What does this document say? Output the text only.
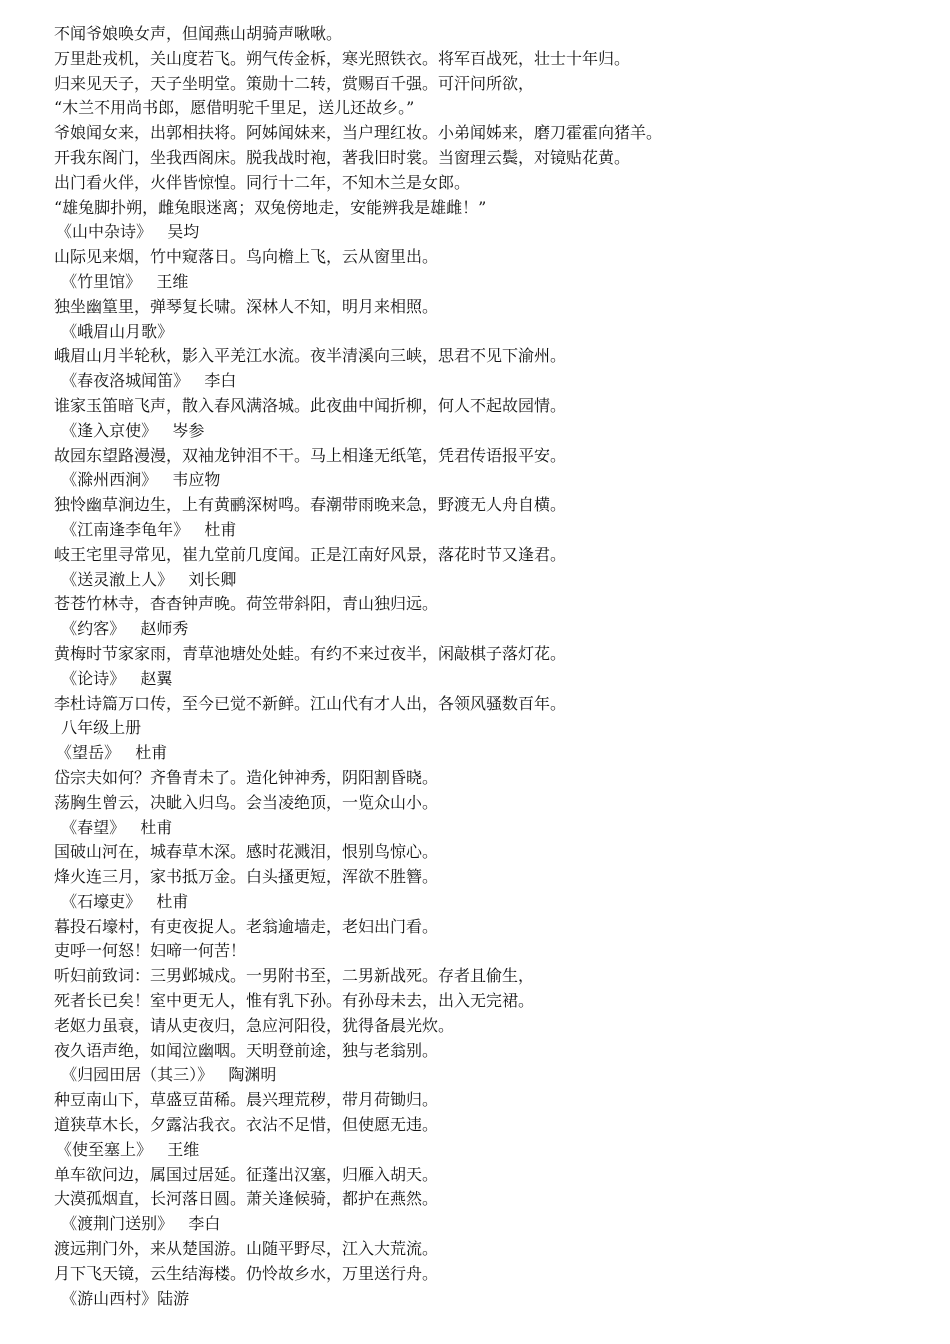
不闻爷娘唤女声，但闻燕山胡骑声啾啾。
万里赴戎机，关山度若飞。朔气传金柝，寒光照铁衣。将军百战死，壮士十年归。
归来见天子，天子坐明堂。策勋十二转，赏赐百千强。可汗问所欲，
“木兰不用尚书郎，愿借明驼千里足，送儿还故乡。”
爷娘闻女来，出郭相扶将。阿姊闻妹来，当户理红妆。小弟闻姊来，磨刀霍霍向猪羊。
开我东阁门，坐我西阁床。脱我战时袍，著我旧时裳。当窗理云鬓，对镜贴花黄。
出门看火伴，火伴皆惊惶。同行十二年，不知木兰是女郎。
“雄兔脚扑朔，雌兔眼迷离；双兔傍地走，安能辨我是雄雌！”
《山中杂诗》   吴均
山际见来烟，竹中窥落日。鸟向檐上飞，云从窗里出。
《竹里馆》   王维
独坐幽篁里，弹琴复长啸。深林人不知，明月来相照。
《峨眉山月歌》
峨眉山月半轮秋，影入平羌江水流。夜半清溪向三峡，思君不见下渝州。
《春夜洛城闻笛》   李白
谁家玉笛暗飞声，散入春风满洛城。此夜曲中闻折柳，何人不起故园情。
《逢入京使》   岑参
故园东望路漫漫，双袖龙钟泪不干。马上相逢无纸笔，凭君传语报平安。
《滁州西涧》   韦应物
独怜幽草涧边生，上有黄鹂深树鸣。春潮带雨晚来急，野渡无人舟自横。
《江南逢李龟年》   杜甫
岐王宅里寻常见，崔九堂前几度闻。正是江南好风景，落花时节又逢君。
《送灵澈上人》   刘长卿
苍苍竹林寺，杳杳钟声晚。荷笠带斜阳，青山独归远。
《约客》   赵师秀
黄梅时节家家雨，青草池塘处处蛙。有约不来过夜半，闲敲棋子落灯花。
《论诗》   赵翼
李杜诗篇万口传，至今已觉不新鲜。江山代有才人出，各领风骚数百年。
八年级上册
《望岳》   杜甫
岱宗夫如何？齐鲁青未了。造化钟神秀，阴阳割昏晓。
荡胸生曾云，决眦入归鸟。会当凌绝顶，一览众山小。
《春望》   杜甫
国破山河在，城春草木深。感时花溅泪，恨别鸟惊心。
烽火连三月，家书抵万金。白头搔更短，浑欲不胜簪。
《石壕吏》   杜甫
暮投石壕村，有吏夜捉人。老翁逾墙走，老妇出门看。
吏呼一何怒！妇啼一何苦！
听妇前致词：三男邺城戍。一男附书至，二男新战死。存者且偷生，
死者长已矣！室中更无人，惟有乳下孙。有孙母未去，出入无完裙。
老妪力虽衰，请从吏夜归，急应河阳役，犹得备晨光炊。
夜久语声绝，如闻泣幽咽。天明登前途，独与老翁别。
《归园田居（其三）》   陶渊明
种豆南山下，草盛豆苗稀。晨兴理荒秽，带月荷锄归。
道狭草木长，夕露沾我衣。衣沾不足惜，但使愿无违。
《使至塞上》   王维
单车欲问边，属国过居延。征蓬出汉塞，归雁入胡天。
大漠孤烟直，长河落日圆。萧关逢候骑，都护在燕然。
《渡荆门送别》   李白
渡远荆门外，来从楚国游。山随平野尽，江入大荒流。
月下飞天镜，云生结海楼。仍怜故乡水，万里送行舟。
《游山西村》陆游
